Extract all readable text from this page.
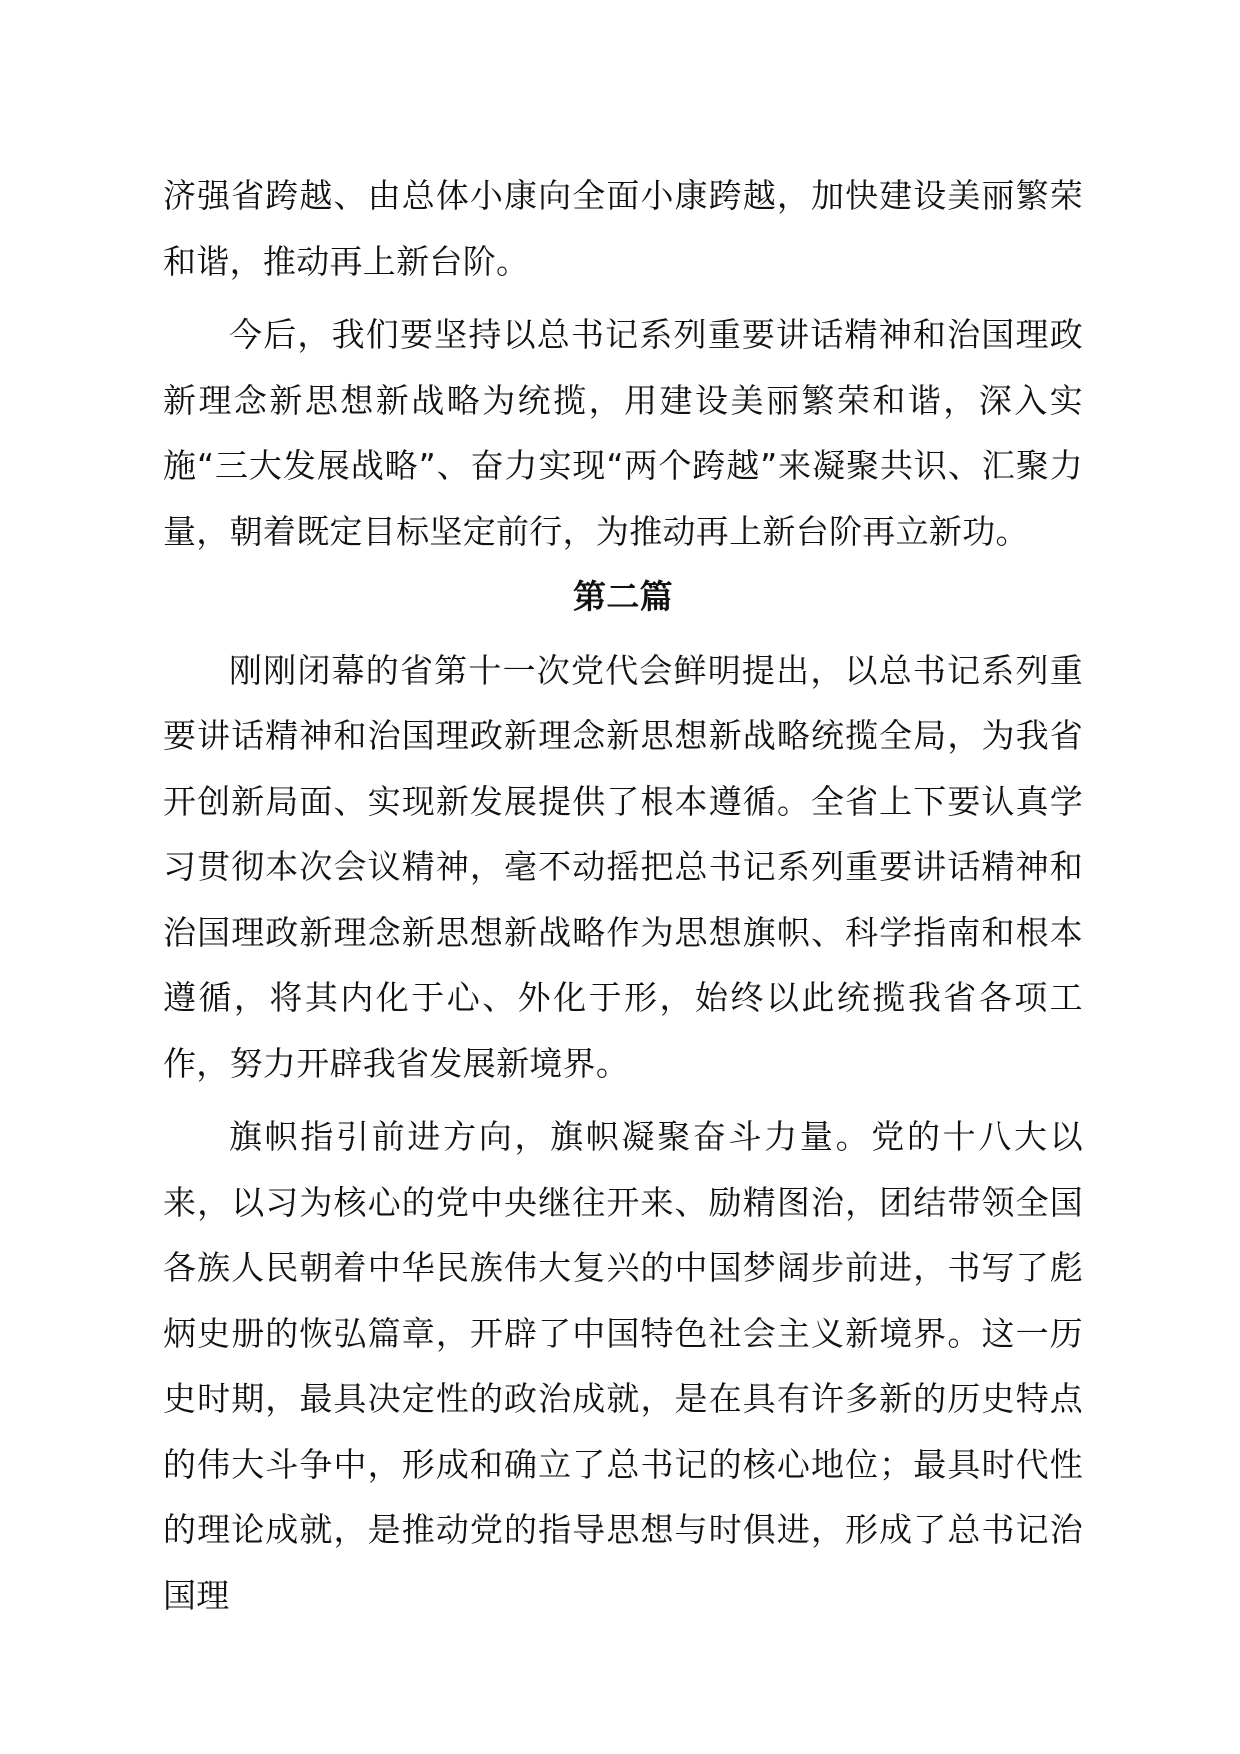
济强省跨越、由总体小康向全面小康跨越，加快建设美丽繁荣和谐，推动再上新台阶。

今后，我们要坚持以总书记系列重要讲话精神和治国理政新理念新思想新战略为统揽，用建设美丽繁荣和谐，深入实施“三大发展战略”、奋力实现“两个跨越”来凝聚共识、汇聚力量，朝着既定目标坚定前行，为推动再上新台阶再立新功。

第二篇

刚刚闭幕的省第十一次党代会鲜明提出，以总书记系列重要讲话精神和治国理政新理念新思想新战略统揽全局，为我省开创新局面、实现新发展提供了根本遵循。全省上下要认真学习贯彻本次会议精神，毫不动摇把总书记系列重要讲话精神和治国理政新理念新思想新战略作为思想旗帜、科学指南和根本遵循，将其内化于心、外化于形，始终以此统揽我省各项工作，努力开辟我省发展新境界。

旗帜指引前进方向，旗帜凝聚奋斗力量。党的十八大以来，以习为核心的党中央继往开来、励精图治，团结带领全国各族人民朝着中华民族伟大复兴的中国梦阔步前进，书写了彪炳史册的恢弘篇章，开辟了中国特色社会主义新境界。这一历史时期，最具决定性的政治成就，是在具有许多新的历史特点的伟大斗争中，形成和确立了总书记的核心地位；最具时代性的理论成就，是推动党的指导思想与时俱进，形成了总书记治国理
